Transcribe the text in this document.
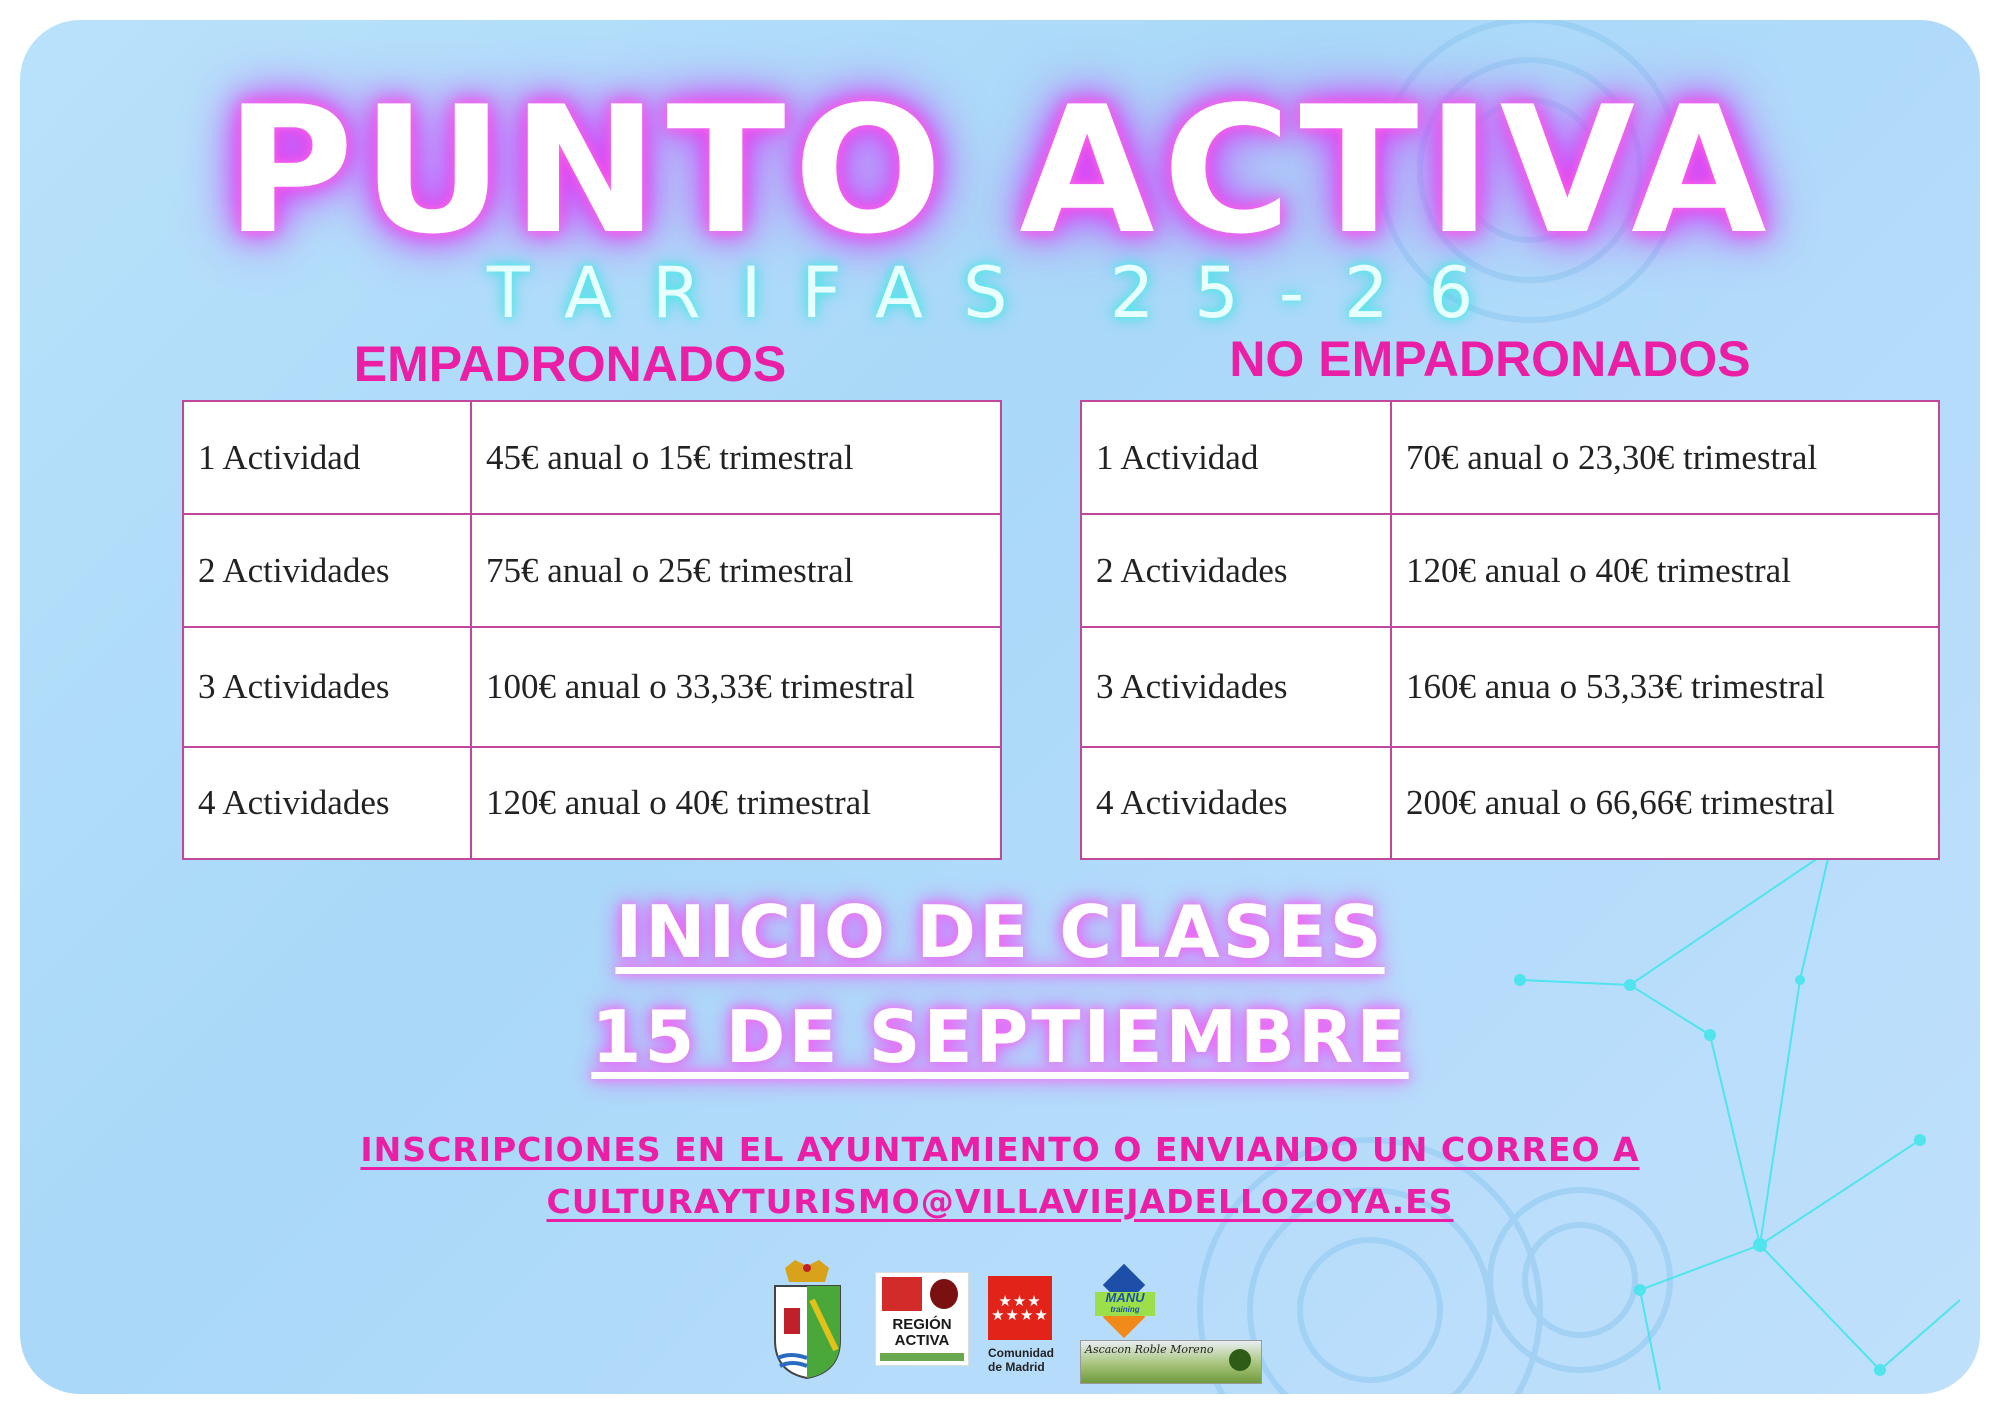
PUNTO ACTIVA
TARIFAS 25-26
EMPADRONADOS
1 Actividad	45€ anual o 15€ trimestral
2 Actividades	75€ anual o 25€ trimestral
3 Actividades	100€ anual o 33,33€ trimestral
4 Actividades	120€ anual o 40€ trimestral
NO EMPADRONADOS
1 Actividad	70€ anual o 23,30€ trimestral
2 Actividades	120€ anual o 40€ trimestral
3 Actividades	160€ anua o 53,33€ trimestral
4 Actividades	200€ anual o 66,66€ trimestral
INICIO DE CLASES
15 DE SEPTIEMBRE
INSCRIPCIONES EN EL AYUNTAMIENTO O ENVIANDO UN CORREO A
CULTURAYTURISMO@VILLAVIEJADELLOZOYA.ES
MADRID
REGIÓN
ACTIVA
★★★
★★★★
Comunidad
de Madrid
MANU
training
Ascacon Roble Moreno
